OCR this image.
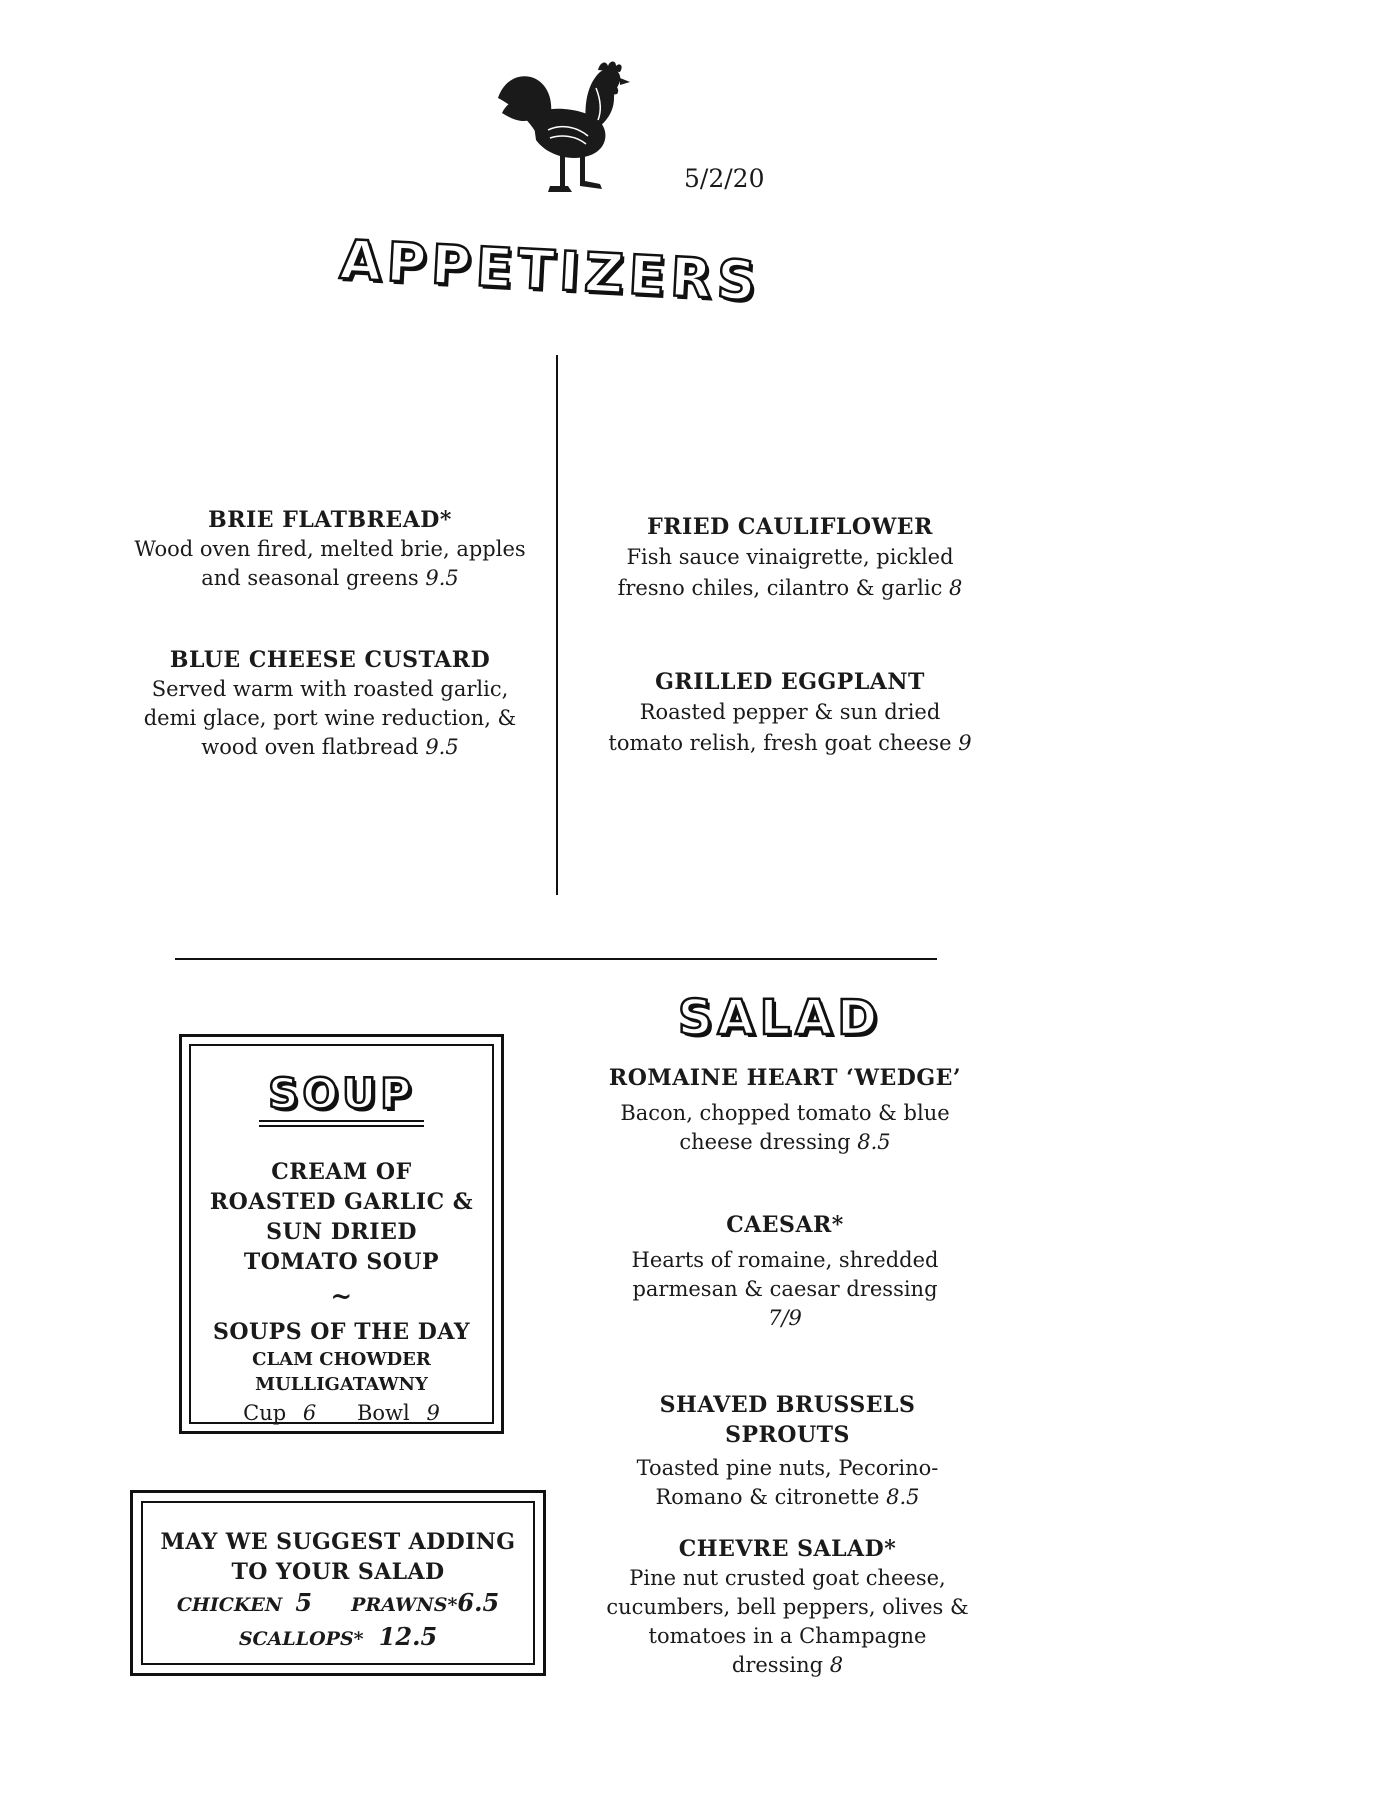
5/2/20
APPETIZERS
BRIE FLATBREAD*
Wood oven fired, melted brie, apples and seasonal greens 9.5
BLUE CHEESE CUSTARD
Served warm with roasted garlic, demi glace, port wine reduction, & wood oven flatbread 9.5
FRIED CAULIFLOWER
Fish sauce vinaigrette, pickled fresno chiles, cilantro & garlic 8
GRILLED EGGPLANT
Roasted pepper & sun dried tomato relish, fresh goat cheese 9
SOUP
CREAM OF
ROASTED GARLIC &
SUN DRIED
TOMATO SOUP
~
SOUPS OF THE DAY
CLAM CHOWDER
MULLIGATAWNY
Cup 6 Bowl 9
MAY WE SUGGEST ADDING
TO YOUR SALAD
CHICKEN 5 PRAWNS*6.5
SCALLOPS* 12.5
SALAD
ROMAINE HEART ‘WEDGE’
Bacon, chopped tomato & blue cheese dressing 8.5
CAESAR*
Hearts of romaine, shredded parmesan & caesar dressing 7/9
SHAVED BRUSSELS SPROUTS
Toasted pine nuts, Pecorino-Romano & citronette 8.5
CHEVRE SALAD*
Pine nut crusted goat cheese, cucumbers, bell peppers, olives & tomatoes in a Champagne dressing 8
